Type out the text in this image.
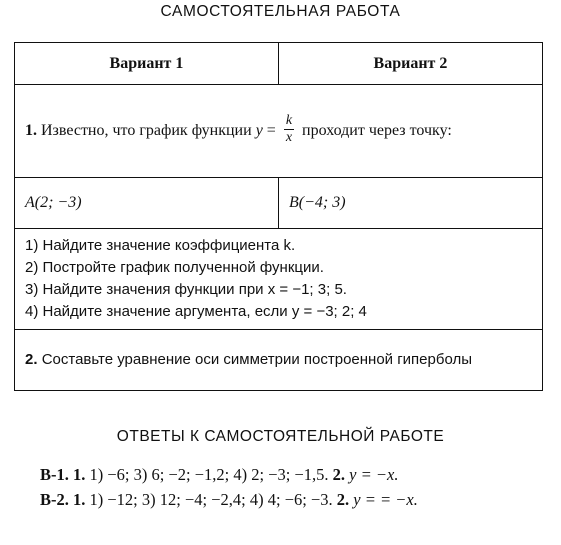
САМОСТОЯТЕЛЬНАЯ РАБОТА
Вариант 1	Вариант 2
1. Известно, что график функции $y = \frac{k}{x}$ проходит через точку:	
A(2; −3)	B(−4; 3)

1) Найдите значение коэффициента k.
2) Постройте график полученной функции.
3) Найдите значения функции при x = −1; 3; 5.
4) Найдите значение аргумента, если y = −3; 2; 4	

2. Составьте уравнение оси симметрии построенной гиперболы	
ОТВЕТЫ К САМОСТОЯТЕЛЬНОЙ РАБОТЕ
В-1. 1. 1) −6; 3) 6; −2; −1,2; 4) 2; −3; −1,5. 2. y = −x.
В-2. 1. 1) −12; 3) 12; −4; −2,4; 4) 4; −6; −3. 2. y = = −x.
